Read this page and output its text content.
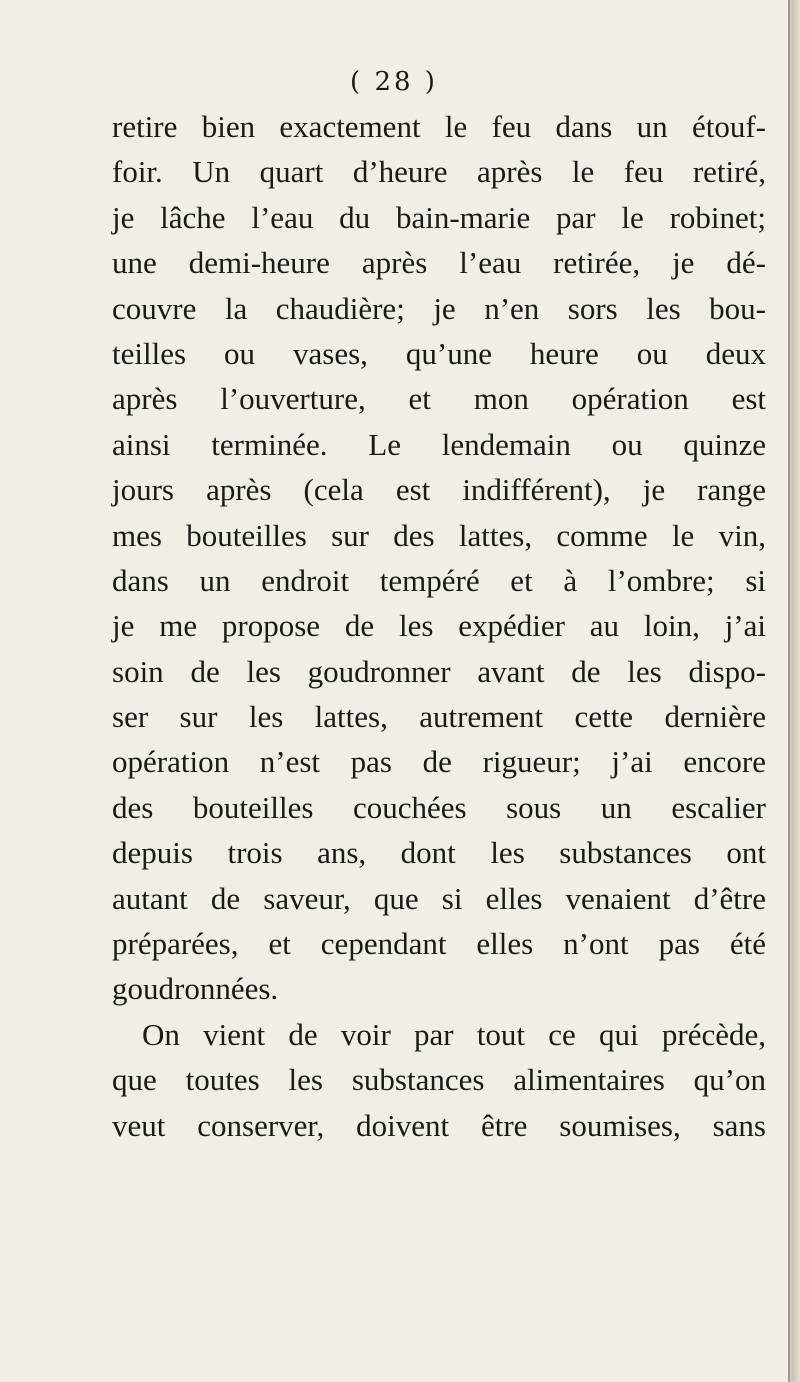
( 28 )
retire bien exactement le feu dans un étouf-
foir. Un quart d’heure après le feu retiré,
je lâche l’eau du bain-marie par le robinet;
une demi-heure après l’eau retirée, je dé-
couvre la chaudière; je n’en sors les bou-
teilles ou vases, qu’une heure ou deux
après l’ouverture, et mon opération est
ainsi terminée. Le lendemain ou quinze
jours après (cela est indifférent), je range
mes bouteilles sur des lattes, comme le vin,
dans un endroit tempéré et à l’ombre; si
je me propose de les expédier au loin, j’ai
soin de les goudronner avant de les dispo-
ser sur les lattes, autrement cette dernière
opération n’est pas de rigueur; j’ai encore
des bouteilles couchées sous un escalier
depuis trois ans, dont les substances ont
autant de saveur, que si elles venaient d’être
préparées, et cependant elles n’ont pas été
goudronnées.
On vient de voir par tout ce qui précède,
que toutes les substances alimentaires qu’on
veut conserver, doivent être soumises, sans
